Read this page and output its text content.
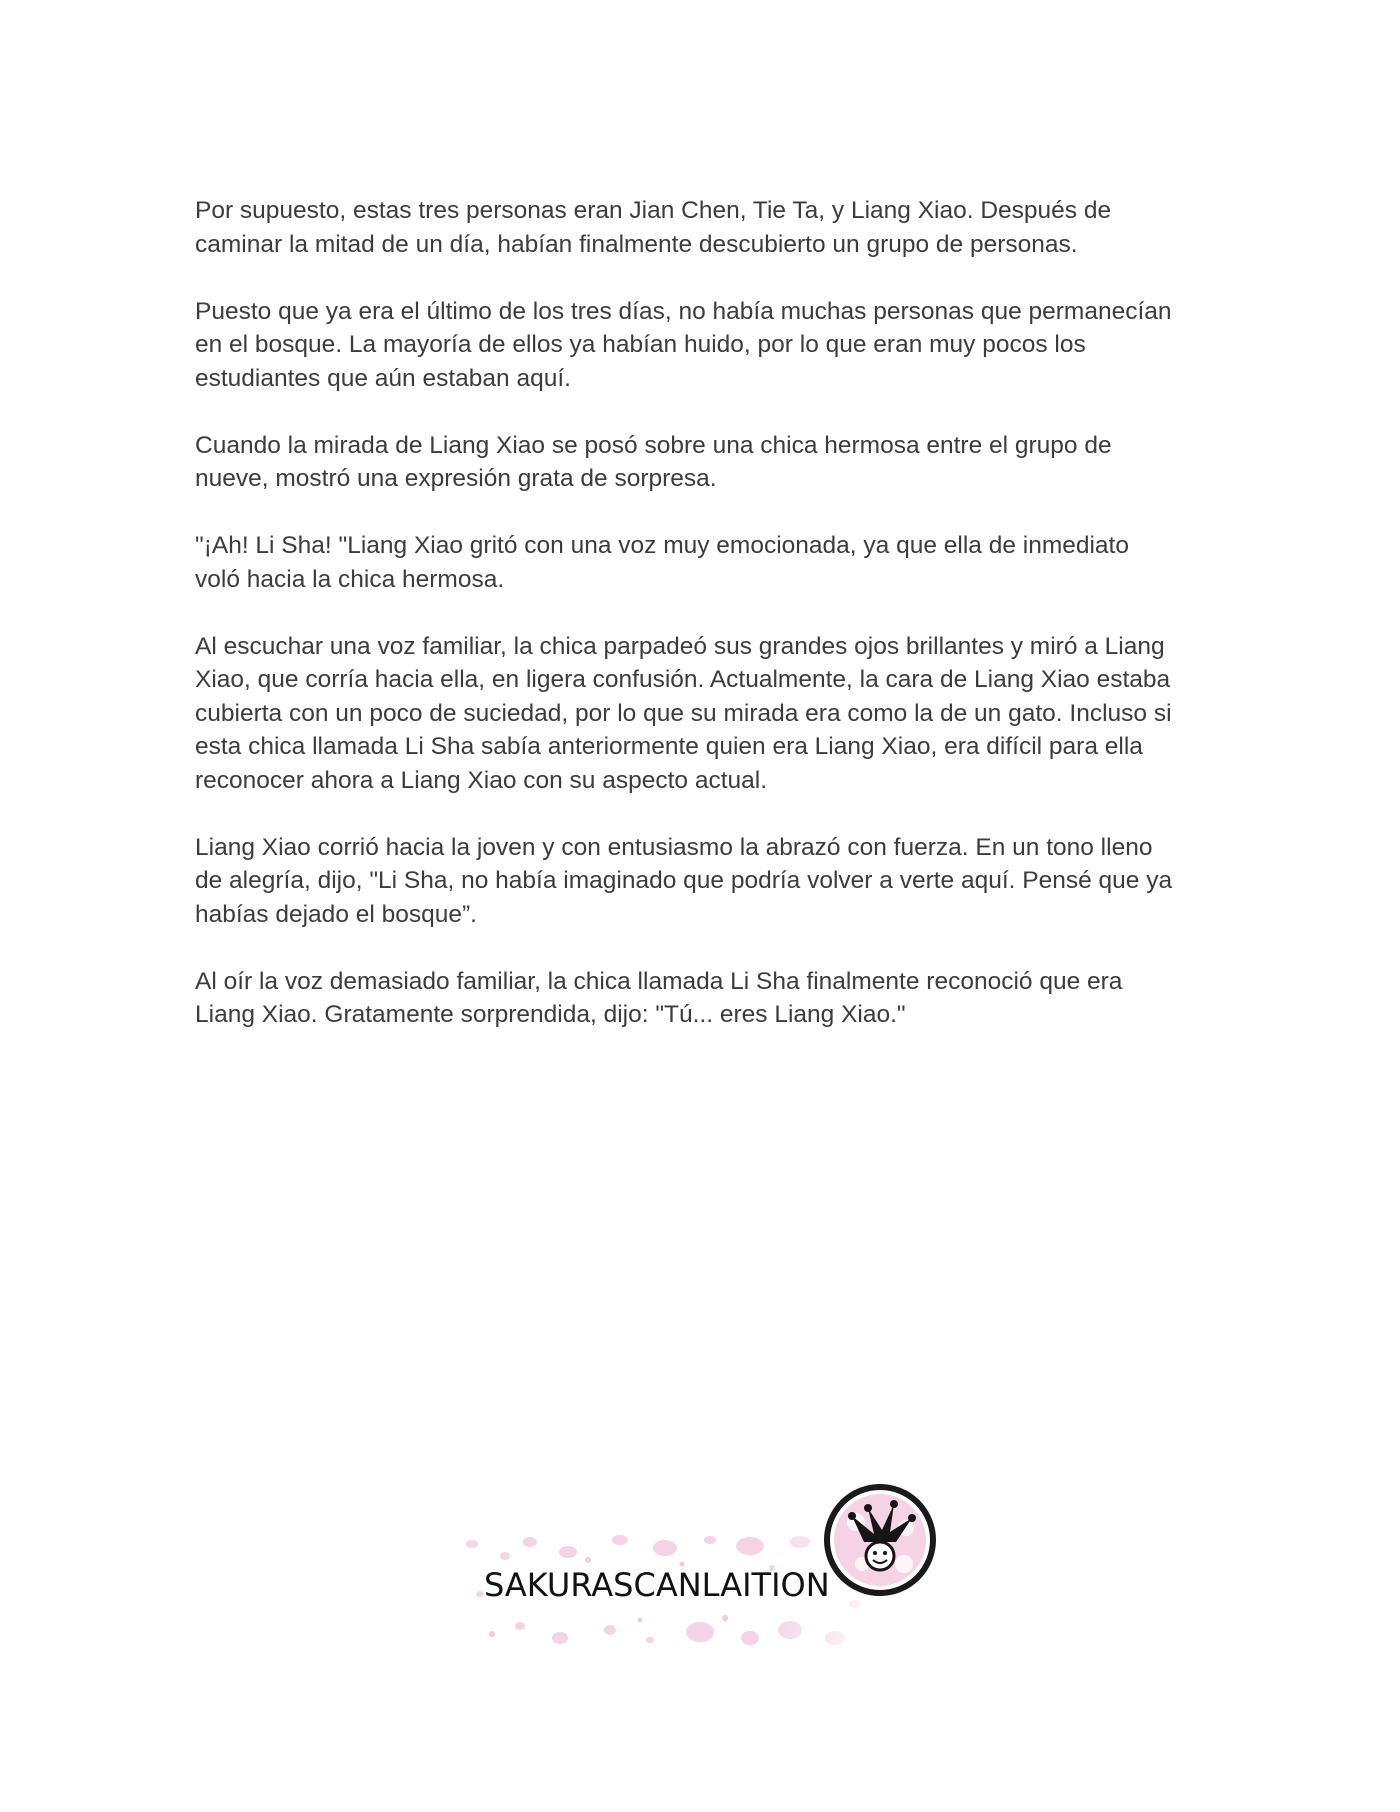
Por supuesto, estas tres personas eran Jian Chen, Tie Ta, y Liang Xiao. Después de
caminar la mitad de un día, habían finalmente descubierto un grupo de personas.

Puesto que ya era el último de los tres días, no había muchas personas que permanecían
en el bosque. La mayoría de ellos ya habían huido, por lo que eran muy pocos los
estudiantes que aún estaban aquí.

Cuando la mirada de Liang Xiao se posó sobre una chica hermosa entre el grupo de
nueve, mostró una expresión grata de sorpresa.

"¡Ah! Li Sha! "Liang Xiao gritó con una voz muy emocionada, ya que ella de inmediato
voló hacia la chica hermosa.

Al escuchar una voz familiar, la chica parpadeó sus grandes ojos brillantes y miró a Liang
Xiao, que corría hacia ella, en ligera confusión. Actualmente, la cara de Liang Xiao estaba
cubierta con un poco de suciedad, por lo que su mirada era como la de un gato. Incluso si
esta chica llamada Li Sha sabía anteriormente quien era Liang Xiao, era difícil para ella
reconocer ahora a Liang Xiao con su aspecto actual.

Liang Xiao corrió hacia la joven y con entusiasmo la abrazó con fuerza. En un tono lleno
de alegría, dijo, "Li Sha, no había imaginado que podría volver a verte aquí. Pensé que ya
habías dejado el bosque”.

Al oír la voz demasiado familiar, la chica llamada Li Sha finalmente reconoció que era
Liang Xiao. Gratamente sorprendida, dijo: "Tú... eres Liang Xiao."

SAKURASCANLAITION
